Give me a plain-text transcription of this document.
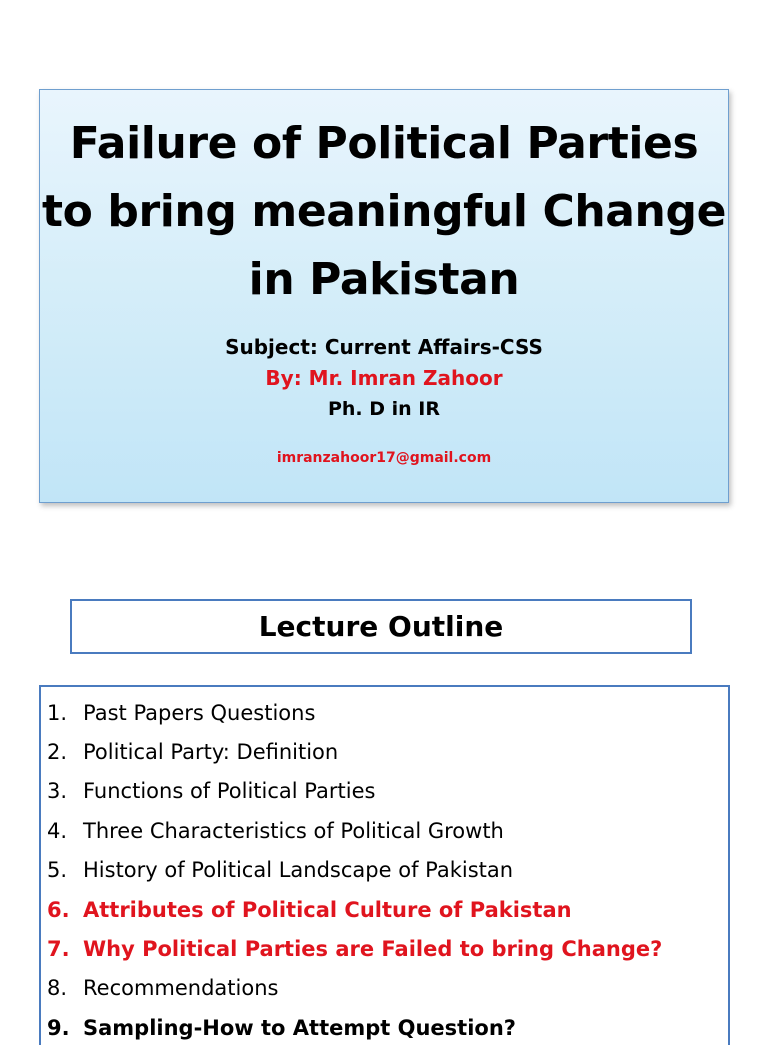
Failure of Political Parties to bring meaningful Change in Pakistan
Subject: Current Affairs-CSS
By: Mr. Imran Zahoor
Ph. D in IR
imranzahoor17@gmail.com
Lecture Outline
1. Past Papers Questions
2. Political Party: Definition
3. Functions of Political Parties
4. Three Characteristics of Political Growth
5. History of Political Landscape of Pakistan
6. Attributes of Political Culture of Pakistan
7. Why Political Parties are Failed to bring Change?
8. Recommendations
9. Sampling-How to Attempt Question?
